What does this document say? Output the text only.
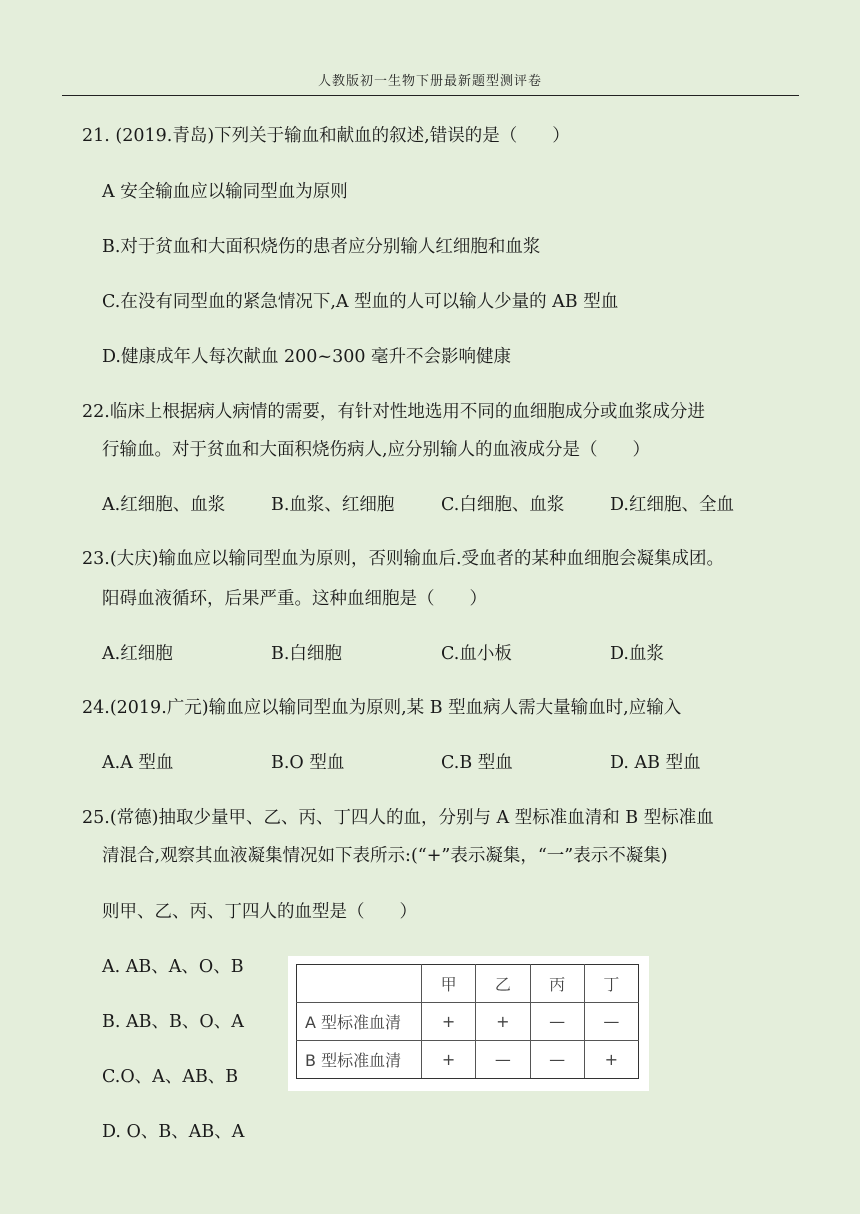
人教版初一生物下册最新题型测评卷
21. (2019.青岛)下列关于输血和献血的叙述,错误的是（　　）
A 安全输血应以输同型血为原则
B.对于贫血和大面积烧伤的患者应分别输人红细胞和血浆
C.在没有同型血的紧急情况下,A 型血的人可以输人少量的 AB 型血
D.健康成年人每次献血 200~300 毫升不会影响健康
22.临床上根据病人病情的需要，有针对性地选用不同的血细胞成分或血浆成分进
行输血。对于贫血和大面积烧伤病人,应分别输人的血液成分是（　　）
A.红细胞、血浆	B.血浆、红细胞	C.白细胞、血浆	D.红细胞、全血
23.(大庆)输血应以输同型血为原则，否则输血后.受血者的某种血细胞会凝集成团。
阳碍血液循环，后果严重。这种血细胞是（　　）
A.红细胞	B.白细胞	C.血小板	D.血浆
24.(2019.广元)输血应以输同型血为原则,某 B 型血病人需大量输血时,应输入
A.A 型血	B.O 型血	C.B 型血	D. AB 型血
25.(常德)抽取少量甲、乙、丙、丁四人的血，分别与 A 型标准血清和 B 型标准血
清混合,观察其血液凝集情况如下表所示:(“+”表示凝集，“一”表示不凝集)
则甲、乙、丙、丁四人的血型是（　　）
A. AB、A、O、B
B. AB、B、O、A
C.O、A、AB、B
D. O、B、AB、A
	甲	乙	丙	丁
A 型标准血清	+	+	—	—
B 型标准血清	+	—	—	+
